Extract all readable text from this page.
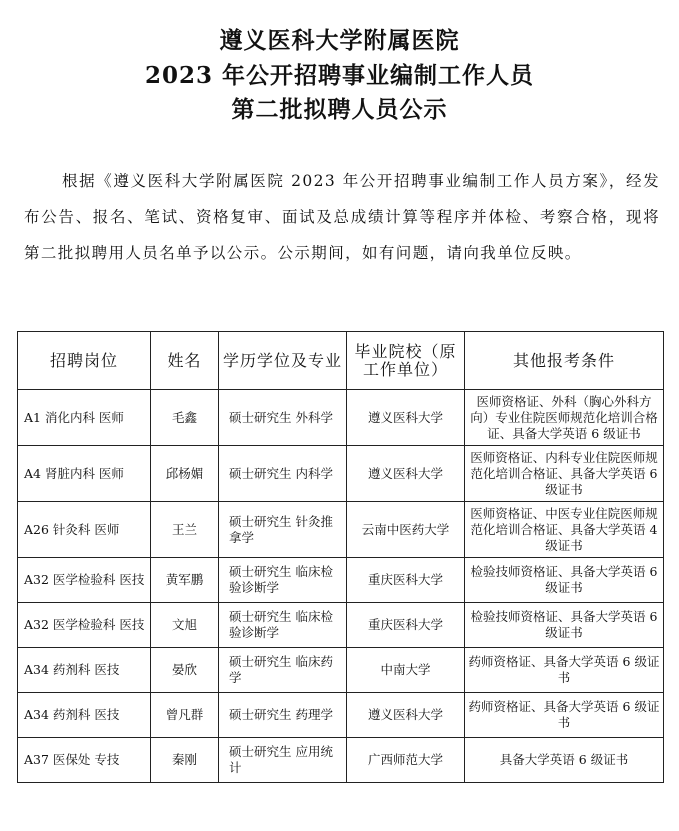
遵义医科大学附属医院
2023 年公开招聘事业编制工作人员
第二批拟聘人员公示

根据《遵义医科大学附属医院 2023 年公开招聘事业编制工作人员方案》，经发布公告、报名、笔试、资格复审、面试及总成绩计算等程序并体检、考察合格，现将第二批拟聘用人员名单予以公示。公示期间，如有问题，请向我单位反映。

招聘岗位	姓名	学历学位及专业	毕业院校（原工作单位）	其他报考条件
A1 消化内科 医师	毛鑫	硕士研究生 外科学	遵义医科大学	医师资格证、外科（胸心外科方向）专业住院医师规范化培训合格证、具备大学英语 6 级证书
A4 肾脏内科 医师	邱杨媚	硕士研究生 内科学	遵义医科大学	医师资格证、内科专业住院医师规范化培训合格证、具备大学英语 6 级证书
A26 针灸科 医师	王兰	硕士研究生 针灸推拿学	云南中医药大学	医师资格证、中医专业住院医师规范化培训合格证、具备大学英语 4 级证书
A32 医学检验科 医技	黄军鹏	硕士研究生 临床检验诊断学	重庆医科大学	检验技师资格证、具备大学英语 6 级证书
A32 医学检验科 医技	文旭	硕士研究生 临床检验诊断学	重庆医科大学	检验技师资格证、具备大学英语 6 级证书
A34 药剂科 医技	晏欣	硕士研究生 临床药学	中南大学	药师资格证、具备大学英语 6 级证书
A34 药剂科 医技	曾凡群	硕士研究生 药理学	遵义医科大学	药师资格证、具备大学英语 6 级证书
A37 医保处 专技	秦刚	硕士研究生 应用统计	广西师范大学	具备大学英语 6 级证书
